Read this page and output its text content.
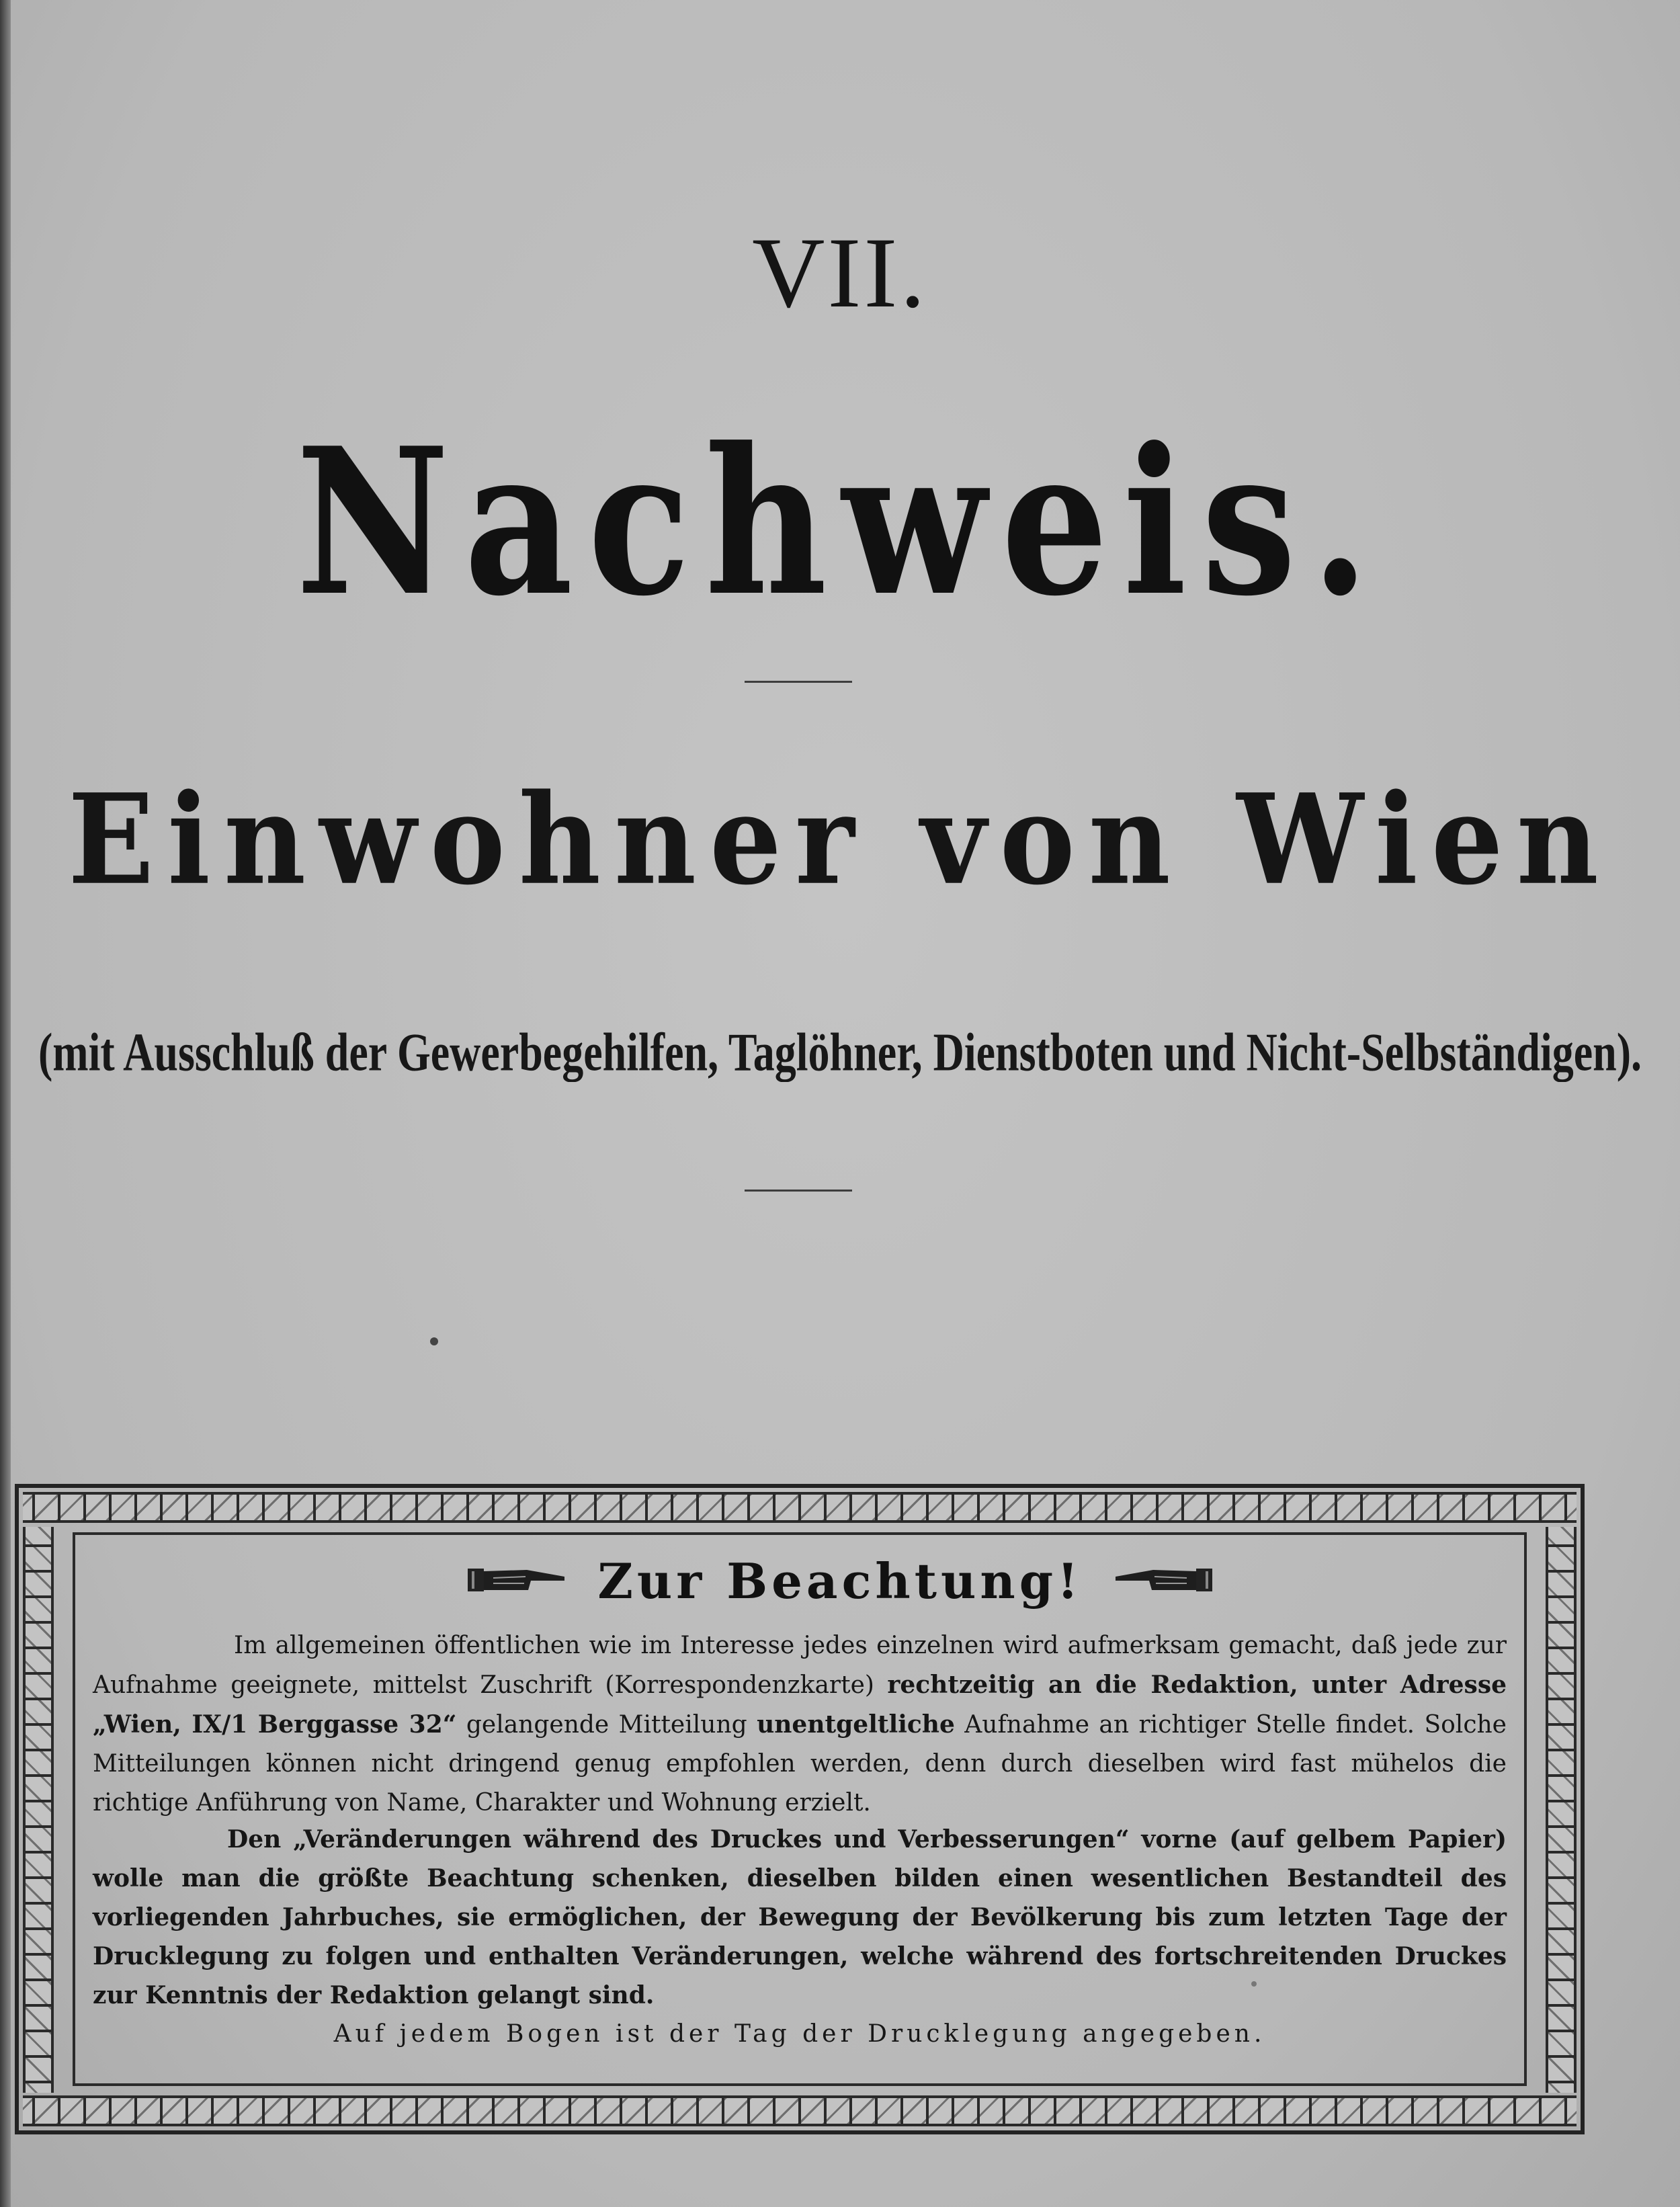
VII.
Nachweis.
Einwohner von Wien
(mit Ausschluß der Gewerbegehilfen, Taglöhner, Dienstboten und Nicht-Selbständigen).
Zur Beachtung!
Im allgemeinen öffentlichen wie im Interesse jedes einzelnen wird aufmerksam gemacht, daß jede zur Aufnahme geeignete, mittelst Zuschrift (Korrespondenzkarte) rechtzeitig an die Redaktion, unter Adresse „Wien, IX/1 Berggasse 32“ gelangende Mitteilung unentgeltliche Aufnahme an richtiger Stelle findet. Solche Mitteilungen können nicht dringend genug empfohlen werden, denn durch dieselben wird fast mühelos die richtige Anführung von Name, Charakter und Wohnung erzielt.
Den „Veränderungen während des Druckes und Verbesserungen“ vorne (auf gelbem Papier) wolle man die größte Beachtung schenken, dieselben bilden einen wesentlichen Bestandteil des vorliegenden Jahrbuches, sie ermöglichen, der Bewegung der Bevölkerung bis zum letzten Tage der Drucklegung zu folgen und enthalten Veränderungen, welche während des fortschreitenden Druckes zur Kenntnis der Redaktion gelangt sind.
Auf jedem Bogen ist der Tag der Drucklegung angegeben.
